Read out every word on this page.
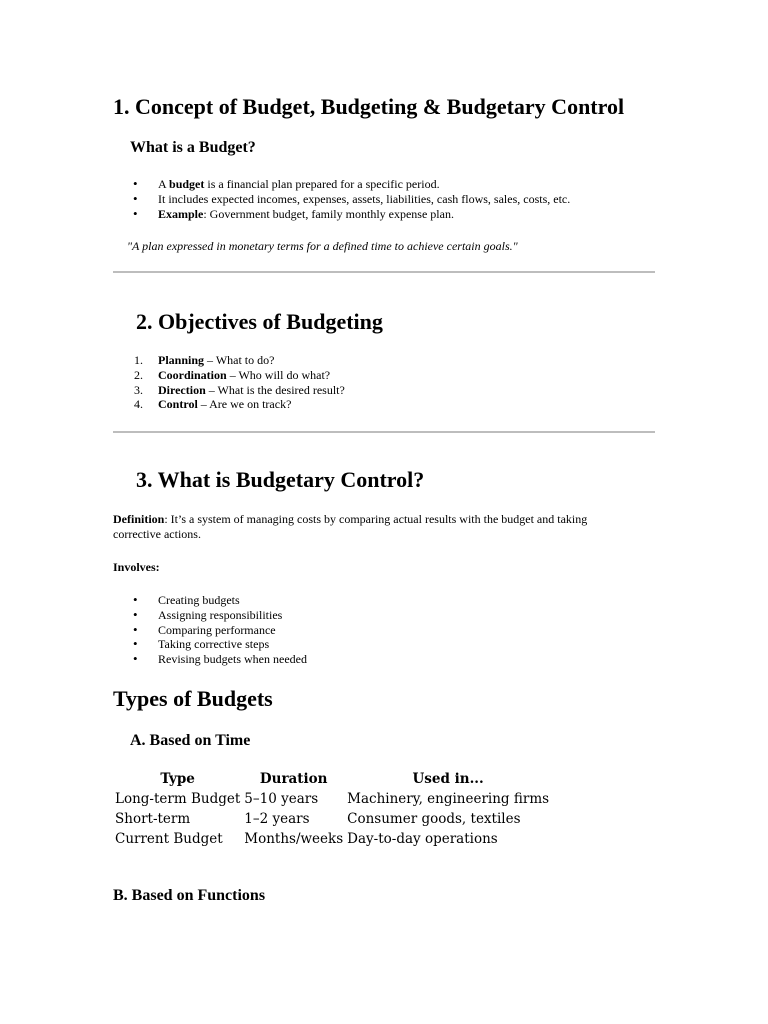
1. Concept of Budget, Budgeting & Budgetary Control
What is a Budget?
• A budget is a financial plan prepared for a specific period.
• It includes expected incomes, expenses, assets, liabilities, cash flows, sales, costs, etc.
• Example: Government budget, family monthly expense plan.

"A plan expressed in monetary terms for a defined time to achieve certain goals."

2. Objectives of Budgeting
1. Planning – What to do?
2. Coordination – Who will do what?
3. Direction – What is the desired result?
4. Control – Are we on track?
3. What is Budgetary Control?

Definition: It’s a system of managing costs by comparing actual results with the budget and taking

corrective actions.

Involves:

• Creating budgets
• Assigning responsibilities
• Comparing performance
• Taking corrective steps
• Revising budgets when needed
Types of Budgets
A. Based on Time
Type	Duration	Used in...
Long-term Budget	5–10 years	Machinery, engineering firms
Short-term	1–2 years	Consumer goods, textiles
Current Budget	Months/weeks	Day-to-day operations
B. Based on Functions
